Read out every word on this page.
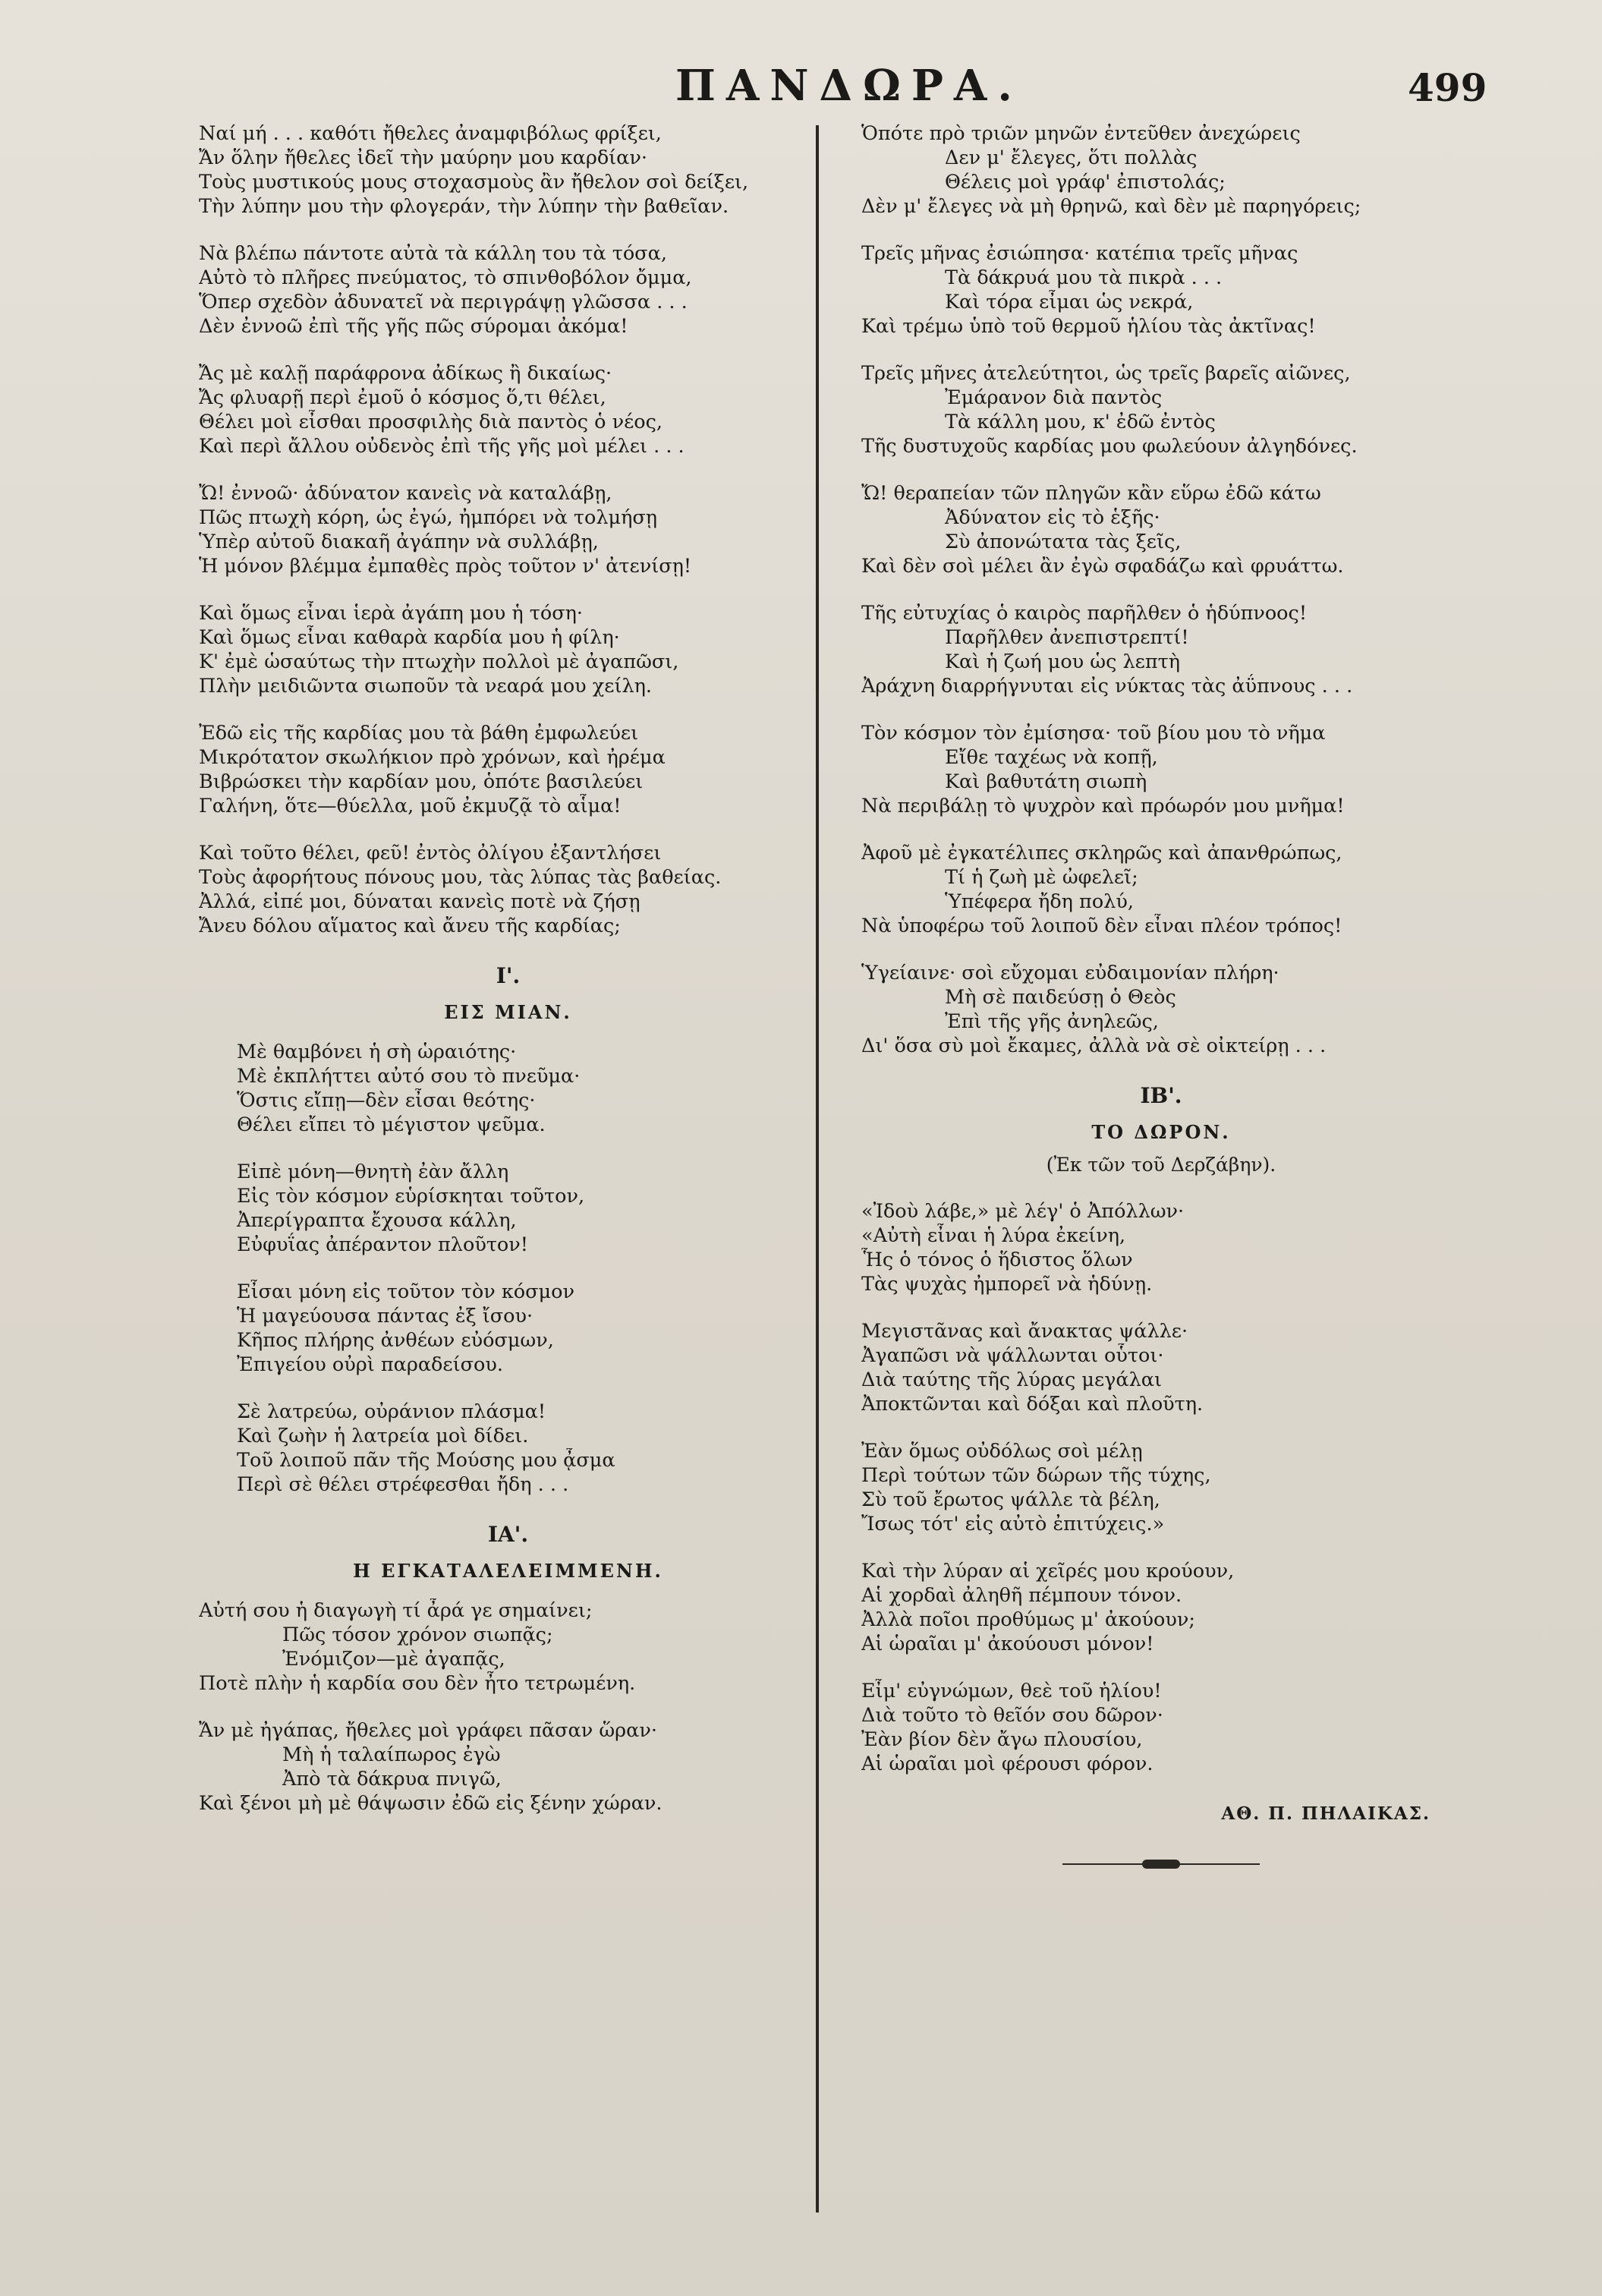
ΠΑΝΔΩΡΑ.	499
Ναί μή . . . καθότι ἤθελες ἀναμφιβόλως φρίξει,
Ἄν ὅλην ἤθελες ἰδεῖ τὴν μαύρην μου καρδίαν·
Τοὺς μυστικούς μους στοχασμοὺς ἂν ἤθελον σοὶ δείξει,
Τὴν λύπην μου τὴν φλογεράν, τὴν λύπην τὴν βαθεῖαν.
Νὰ βλέπω πάντοτε αὐτὰ τὰ κάλλη του τὰ τόσα,
Αὐτὸ τὸ πλῆρες πνεύματος, τὸ σπινθοβόλον ὄμμα,
Ὅπερ σχεδὸν ἀδυνατεῖ νὰ περιγράψῃ γλῶσσα . . .
Δὲν ἐννοῶ ἐπὶ τῆς γῆς πῶς σύρομαι ἀκόμα!
Ἄς μὲ καλῇ παράφρονα ἀδίκως ἢ δικαίως·
Ἄς φλυαρῇ περὶ ἐμοῦ ὁ κόσμος ὅ,τι θέλει,
Θέλει μοὶ εἶσθαι προσφιλὴς διὰ παντὸς ὁ νέος,
Καὶ περὶ ἄλλου οὐδενὸς ἐπὶ τῆς γῆς μοὶ μέλει . . .
Ὤ! ἐννοῶ· ἀδύνατον κανεὶς νὰ καταλάβῃ,
Πῶς πτωχὴ κόρη, ὡς ἐγώ, ἠμπόρει νὰ τολμήσῃ
Ὑπὲρ αὐτοῦ διακαῆ ἀγάπην νὰ συλλάβῃ,
Ἡ μόνον βλέμμα ἐμπαθὲς πρὸς τοῦτον ν' ἀτενίσῃ!
Καὶ ὅμως εἶναι ἱερὰ ἀγάπη μου ἡ τόση·
Καὶ ὅμως εἶναι καθαρὰ καρδία μου ἡ φίλη·
Κ' ἐμὲ ὡσαύτως τὴν πτωχὴν πολλοὶ μὲ ἀγαπῶσι,
Πλὴν μειδιῶντα σιωποῦν τὰ νεαρά μου χείλη.
Ἐδῶ εἰς τῆς καρδίας μου τὰ βάθη ἐμφωλεύει
Μικρότατον σκωλήκιον πρὸ χρόνων, καὶ ἠρέμα
Βιβρώσκει τὴν καρδίαν μου, ὁπότε βασιλεύει
Γαλήνη, ὅτε—θύελλα, μοῦ ἐκμυζᾷ τὸ αἷμα!
Καὶ τοῦτο θέλει, φεῦ! ἐντὸς ὀλίγου ἐξαντλήσει
Τοὺς ἀφορήτους πόνους μου, τὰς λύπας τὰς βαθείας.
Ἀλλά, εἰπέ μοι, δύναται κανεὶς ποτὲ νὰ ζήσῃ
Ἄνευ δόλου αἵματος καὶ ἄνευ τῆς καρδίας;
Ι'.
ΕΙΣ ΜΙΑΝ.
Μὲ θαμβόνει ἡ σὴ ὡραιότης·
Μὲ ἐκπλήττει αὐτό σου τὸ πνεῦμα·
Ὅστις εἴπῃ—δὲν εἶσαι θεότης·
Θέλει εἴπει τὸ μέγιστον ψεῦμα.
Εἰπὲ μόνη—θνητὴ ἐὰν ἄλλη
Εἰς τὸν κόσμον εὑρίσκηται τοῦτον,
Ἀπερίγραπτα ἔχουσα κάλλη,
Εὐφυΐας ἀπέραντον πλοῦτον!
Εἶσαι μόνη εἰς τοῦτον τὸν κόσμον
Ἡ μαγεύουσα πάντας ἐξ ἴσου·
Κῆπος πλήρης ἀνθέων εὐόσμων,
Ἐπιγείου οὐρὶ παραδείσου.
Σὲ λατρεύω, οὐράνιον πλάσμα!
Καὶ ζωὴν ἡ λατρεία μοὶ δίδει.
Τοῦ λοιποῦ πᾶν τῆς Μούσης μου ᾆσμα
Περὶ σὲ θέλει στρέφεσθαι ἤδη . . .
ΙΑ'.
Η ΕΓΚΑΤΑΛΕΛΕΙΜΜΕΝΗ.
Αὐτή σου ἡ διαγωγὴ τί ἆρά γε σημαίνει;
Πῶς τόσον χρόνον σιωπᾷς;
Ἐνόμιζον—μὲ ἀγαπᾷς,
Ποτὲ πλὴν ἡ καρδία σου δὲν ἦτο τετρωμένη.
Ἄν μὲ ἠγάπας, ἤθελες μοὶ γράφει πᾶσαν ὥραν·
Μὴ ἡ ταλαίπωρος ἐγὼ
Ἀπὸ τὰ δάκρυα πνιγῶ,
Καὶ ξένοι μὴ μὲ θάψωσιν ἐδῶ εἰς ξένην χώραν.
Ὁπότε πρὸ τριῶν μηνῶν ἐντεῦθεν ἀνεχώρεις
Δεν μ' ἔλεγες, ὅτι πολλὰς
Θέλεις μοὶ γράφ' ἐπιστολάς;
Δὲν μ' ἔλεγες νὰ μὴ θρηνῶ, καὶ δὲν μὲ παρηγόρεις;
Τρεῖς μῆνας ἐσιώπησα· κατέπια τρεῖς μῆνας
Τὰ δάκρυά μου τὰ πικρὰ . . .
Καὶ τόρα εἶμαι ὡς νεκρά,
Καὶ τρέμω ὑπὸ τοῦ θερμοῦ ἡλίου τὰς ἀκτῖνας!
Τρεῖς μῆνες ἀτελεύτητοι, ὡς τρεῖς βαρεῖς αἰῶνες,
Ἐμάρανον διὰ παντὸς
Τὰ κάλλη μου, κ' ἐδῶ ἐντὸς
Τῆς δυστυχοῦς καρδίας μου φωλεύουν ἀλγηδόνες.
Ὤ! θεραπείαν τῶν πληγῶν κἂν εὕρω ἐδῶ κάτω
Ἀδύνατον εἰς τὸ ἑξῆς·
Σὺ ἀπονώτατα τὰς ξεῖς,
Καὶ δὲν σοὶ μέλει ἂν ἐγὼ σφαδάζω καὶ φρυάττω.
Τῆς εὐτυχίας ὁ καιρὸς παρῆλθεν ὁ ἡδύπνοος!
Παρῆλθεν ἀνεπιστρεπτί!
Καὶ ἡ ζωή μου ὡς λεπτὴ
Ἀράχνη διαρρήγνυται εἰς νύκτας τὰς ἀΰπνους . . .
Τὸν κόσμον τὸν ἐμίσησα· τοῦ βίου μου τὸ νῆμα
Εἴθε ταχέως νὰ κοπῇ,
Καὶ βαθυτάτη σιωπὴ
Νὰ περιβάλῃ τὸ ψυχρὸν καὶ πρόωρόν μου μνῆμα!
Ἀφοῦ μὲ ἐγκατέλιπες σκληρῶς καὶ ἀπανθρώπως,
Τί ἡ ζωὴ μὲ ὠφελεῖ;
Ὑπέφερα ἤδη πολύ,
Νὰ ὑποφέρω τοῦ λοιποῦ δὲν εἶναι πλέον τρόπος!
Ὑγείαινε· σοὶ εὔχομαι εὐδαιμονίαν πλήρη·
Μὴ σὲ παιδεύσῃ ὁ Θεὸς
Ἐπὶ τῆς γῆς ἀνηλεῶς,
Δι' ὅσα σὺ μοὶ ἔκαμες, ἀλλὰ νὰ σὲ οἰκτείρῃ . . .
ΙΒ'.
ΤΟ ΔΩΡΟΝ.
(Ἐκ τῶν τοῦ Δερζάβην).
«Ἰδοὺ λάβε,» μὲ λέγ' ὁ Ἀπόλλων·
«Αὐτὴ εἶναι ἡ λύρα ἐκείνη,
Ἧς ὁ τόνος ὁ ἥδιστος ὅλων
Τὰς ψυχὰς ἠμπορεῖ νὰ ἡδύνῃ.
Μεγιστᾶνας καὶ ἄνακτας ψάλλε·
Ἀγαπῶσι νὰ ψάλλωνται οὗτοι·
Διὰ ταύτης τῆς λύρας μεγάλαι
Ἀποκτῶνται καὶ δόξαι καὶ πλοῦτη.
Ἐὰν ὅμως οὐδόλως σοὶ μέλῃ
Περὶ τούτων τῶν δώρων τῆς τύχης,
Σὺ τοῦ ἔρωτος ψάλλε τὰ βέλη,
Ἴσως τότ' εἰς αὐτὸ ἐπιτύχεις.»
Καὶ τὴν λύραν αἱ χεῖρές μου κρούουν,
Αἱ χορδαὶ ἀληθῆ πέμπουν τόνον.
Ἀλλὰ ποῖοι προθύμως μ' ἀκούουν;
Αἱ ὡραῖαι μ' ἀκούουσι μόνον!
Εἶμ' εὐγνώμων, θεὲ τοῦ ἡλίου!
Διὰ τοῦτο τὸ θεῖόν σου δῶρον·
Ἐὰν βίον δὲν ἄγω πλουσίου,
Αἱ ὡραῖαι μοὶ φέρουσι φόρον.
ΑΘ. Π. ΠΗΛΑΙΚΑΣ.
